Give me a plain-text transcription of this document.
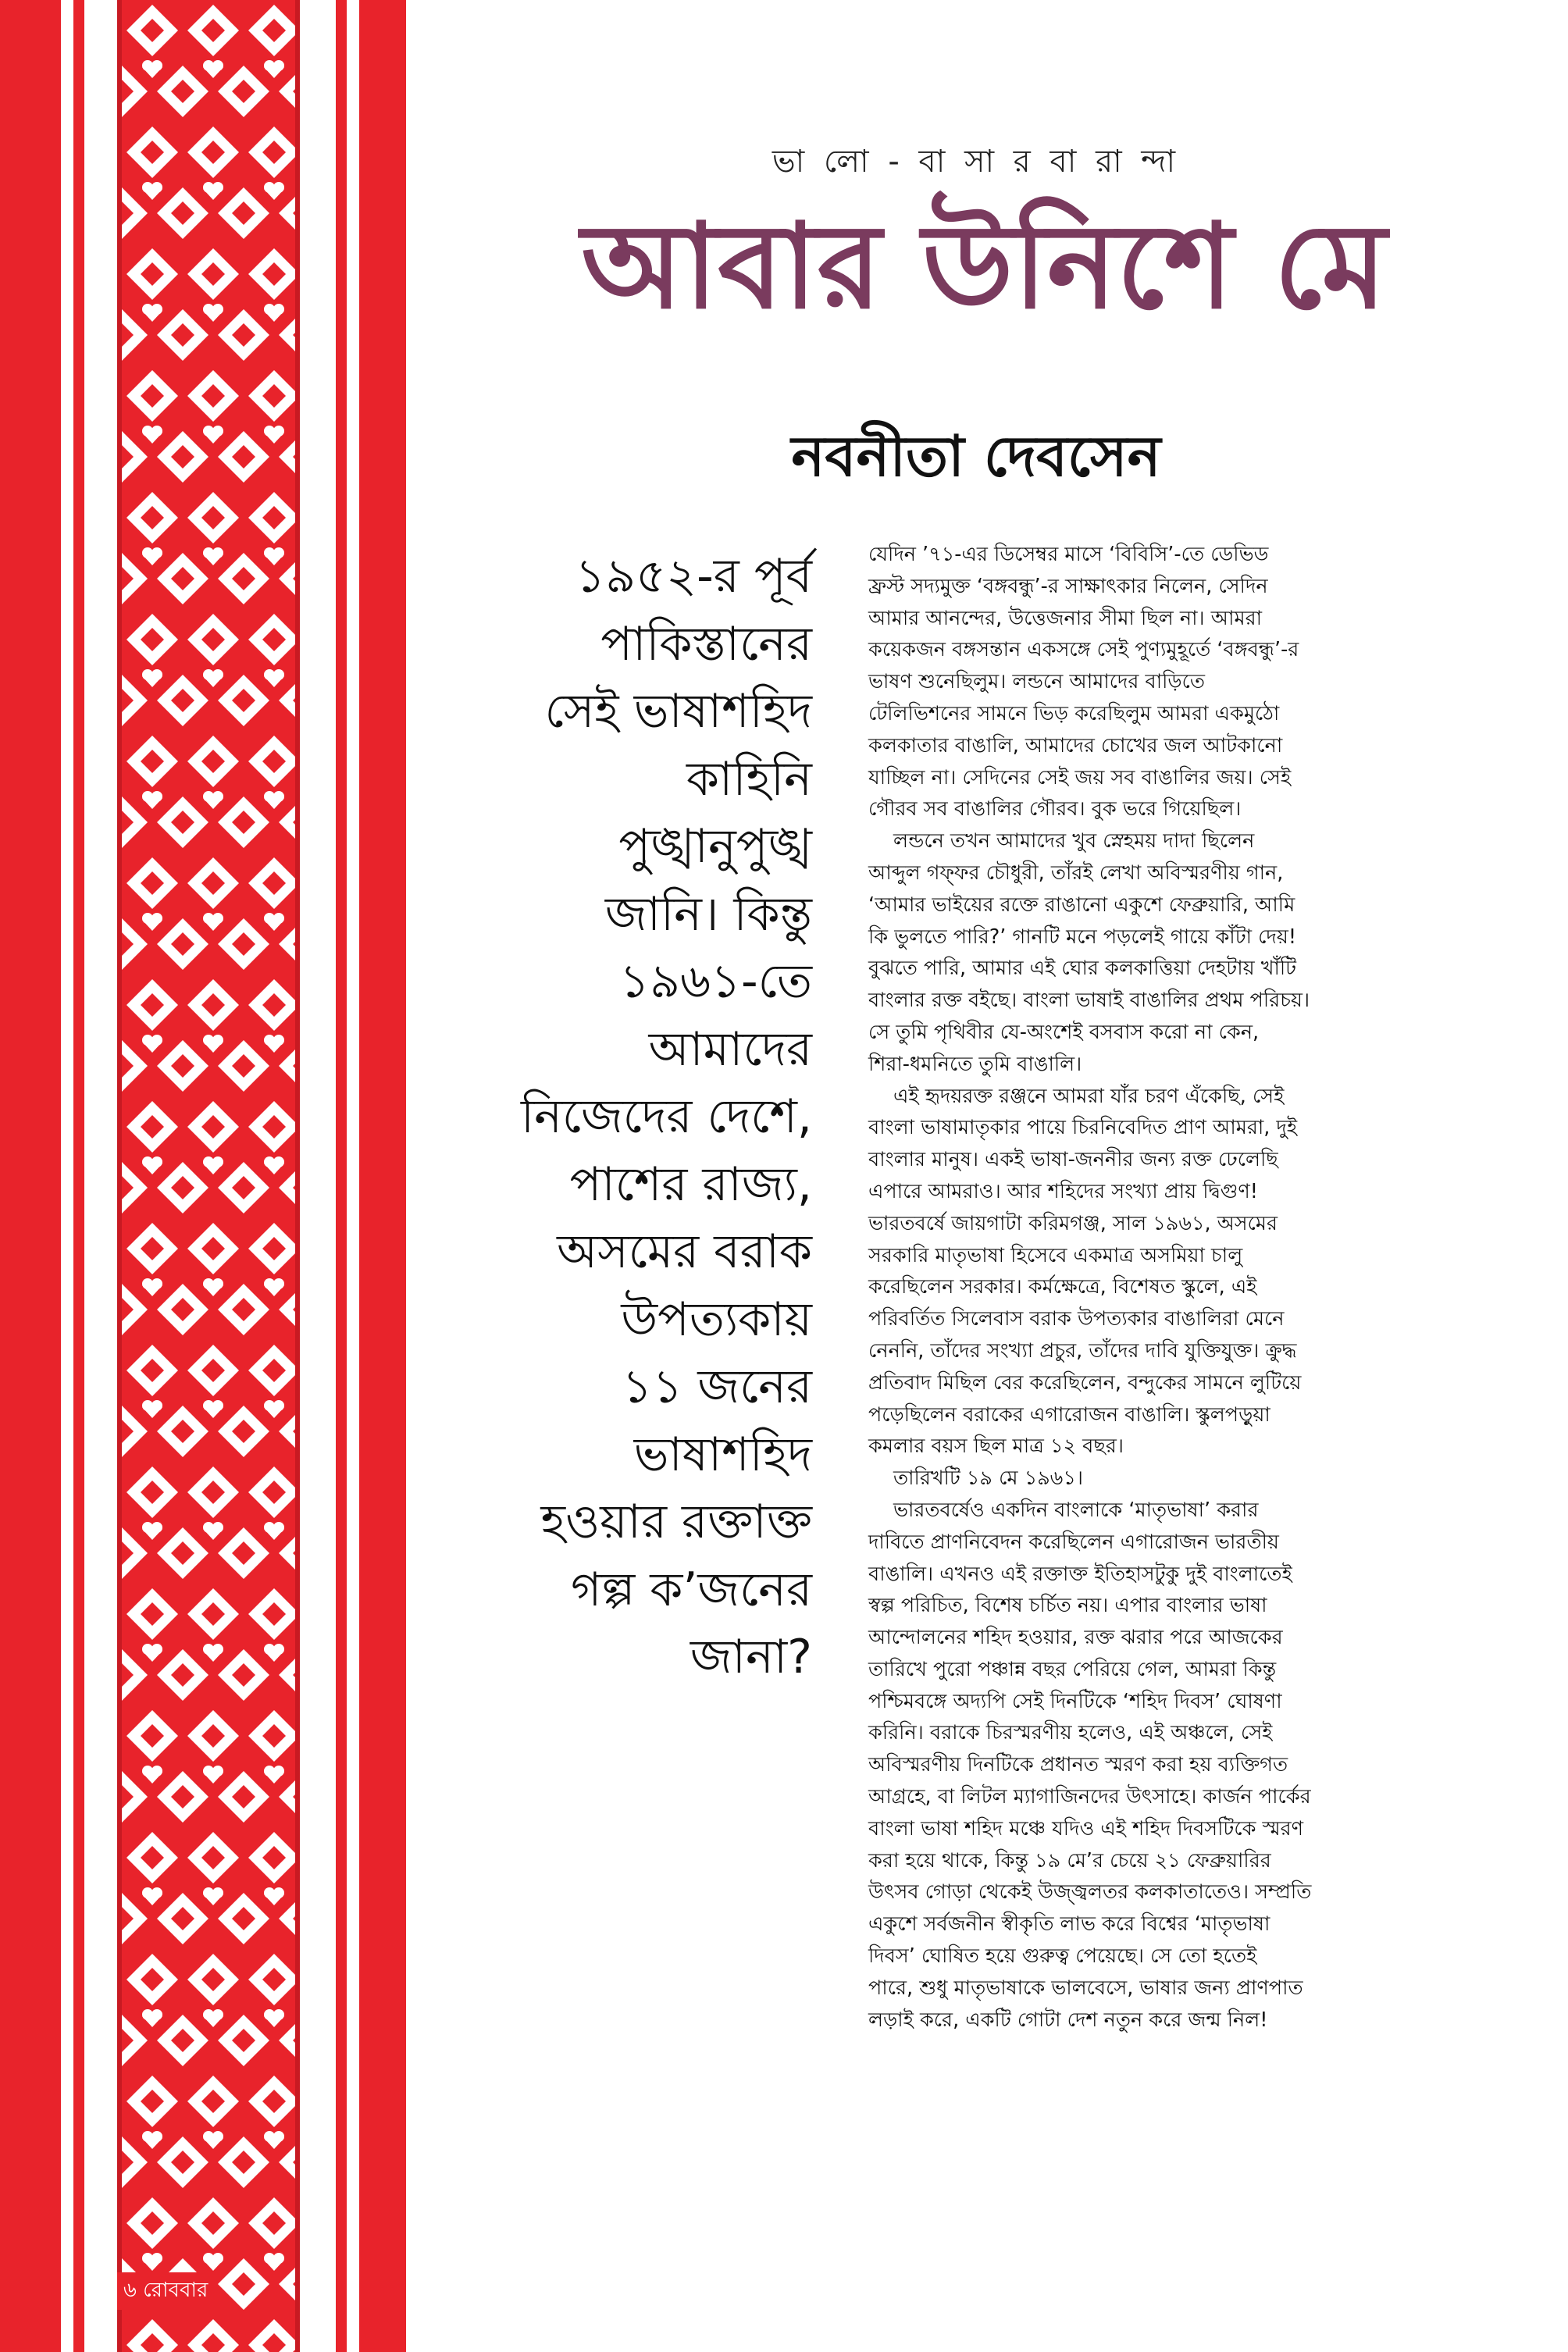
ভা লো - বা সা র বা রা ন্দা
আবার উনিশে মে
নবনীতা দেবসেন
১৯৫২-র পূর্ব
পাকিস্তানের
সেই ভাষাশহিদ
কাহিনি
পুঙ্খানুপুঙ্খ
জানি। কিন্তু
১৯৬১-তে
আমাদের
নিজেদের দেশে,
পাশের রাজ্য,
অসমের বরাক
উপত্যকায়
১১ জনের
ভাষাশহিদ
হওয়ার রক্তাক্ত
গল্প ক’জনের
জানা?
যেদিন ’৭১-এর ডিসেম্বর মাসে ‘বিবিসি’-তে ডেভিড
ফ্রস্ট সদ্যমুক্ত ‘বঙ্গবন্ধু’-র সাক্ষাৎকার নিলেন, সেদিন
আমার আনন্দের, উত্তেজনার সীমা ছিল না। আমরা
কয়েকজন বঙ্গসন্তান একসঙ্গে সেই পুণ্যমুহূর্তে ‘বঙ্গবন্ধু’-র
ভাষণ শুনেছিলুম। লন্ডনে আমাদের বাড়িতে
টেলিভিশনের সামনে ভিড় করেছিলুম আমরা একমুঠো
কলকাতার বাঙালি, আমাদের চোখের জল আটকানো
যাচ্ছিল না। সেদিনের সেই জয় সব বাঙালির জয়। সেই
গৌরব সব বাঙালির গৌরব। বুক ভরে গিয়েছিল।
লন্ডনে তখন আমাদের খুব স্নেহময় দাদা ছিলেন
আব্দুল গফ্‌ফর চৌধুরী, তাঁরই লেখা অবিস্মরণীয় গান,
‘আমার ভাইয়ের রক্তে রাঙানো একুশে ফেব্রুয়ারি, আমি
কি ভুলতে পারি?’ গানটি মনে পড়লেই গায়ে কাঁটা দেয়!
বুঝতে পারি, আমার এই ঘোর কলকাত্তিয়া দেহটায় খাঁটি
বাংলার রক্ত বইছে। বাংলা ভাষাই বাঙালির প্রথম পরিচয়।
সে তুমি পৃথিবীর যে-অংশেই বসবাস করো না কেন,
শিরা-ধমনিতে তুমি বাঙালি।
এই হৃদয়রক্ত রঞ্জনে আমরা যাঁর চরণ এঁকেছি, সেই
বাংলা ভাষামাতৃকার পায়ে চিরনিবেদিত প্রাণ আমরা, দুই
বাংলার মানুষ। একই ভাষা-জননীর জন্য রক্ত ঢেলেছি
এপারে আমরাও। আর শহিদের সংখ্যা প্রায় দ্বিগুণ!
ভারতবর্ষে জায়গাটা করিমগঞ্জ, সাল ১৯৬১, অসমের
সরকারি মাতৃভাষা হিসেবে একমাত্র অসমিয়া চালু
করেছিলেন সরকার। কর্মক্ষেত্রে, বিশেষত স্কুলে, এই
পরিবর্তিত সিলেবাস বরাক উপত্যকার বাঙালিরা মেনে
নেননি, তাঁদের সংখ্যা প্রচুর, তাঁদের দাবি যুক্তিযুক্ত। ক্রুদ্ধ
প্রতিবাদ মিছিল বের করেছিলেন, বন্দুকের সামনে লুটিয়ে
পড়েছিলেন বরাকের এগারোজন বাঙালি। স্কুলপড়ুয়া
কমলার বয়স ছিল মাত্র ১২ বছর।
তারিখটি ১৯ মে ১৯৬১।
ভারতবর্ষেও একদিন বাংলাকে ‘মাতৃভাষা’ করার
দাবিতে প্রাণনিবেদন করেছিলেন এগারোজন ভারতীয়
বাঙালি। এখনও এই রক্তাক্ত ইতিহাসটুকু দুই বাংলাতেই
স্বল্প পরিচিত, বিশেষ চর্চিত নয়। এপার বাংলার ভাষা
আন্দোলনের শহিদ হওয়ার, রক্ত ঝরার পরে আজকের
তারিখে পুরো পঞ্চান্ন বছর পেরিয়ে গেল, আমরা কিন্তু
পশ্চিমবঙ্গে অদ্যপি সেই দিনটিকে ‘শহিদ দিবস’ ঘোষণা
করিনি। বরাকে চিরস্মরণীয় হলেও, এই অঞ্চলে, সেই
অবিস্মরণীয় দিনটিকে প্রধানত স্মরণ করা হয় ব্যক্তিগত
আগ্রহে, বা লিটল ম্যাগাজিনদের উৎসাহে। কার্জন পার্কের
বাংলা ভাষা শহিদ মঞ্চে যদিও এই শহিদ দিবসটিকে স্মরণ
করা হয়ে থাকে, কিন্তু ১৯ মে’র চেয়ে ২১ ফেব্রুয়ারির
উৎসব গোড়া থেকেই উজ্জ্বলতর কলকাতাতেও। সম্প্রতি
একুশে সর্বজনীন স্বীকৃতি লাভ করে বিশ্বের ‘মাতৃভাষা
দিবস’ ঘোষিত হয়ে গুরুত্ব পেয়েছে। সে তো হতেই
পারে, শুধু মাতৃভাষাকে ভালবেসে, ভাষার জন্য প্রাণপাত
লড়াই করে, একটি গোটা দেশ নতুন করে জন্ম নিল!
৬ রোববার
